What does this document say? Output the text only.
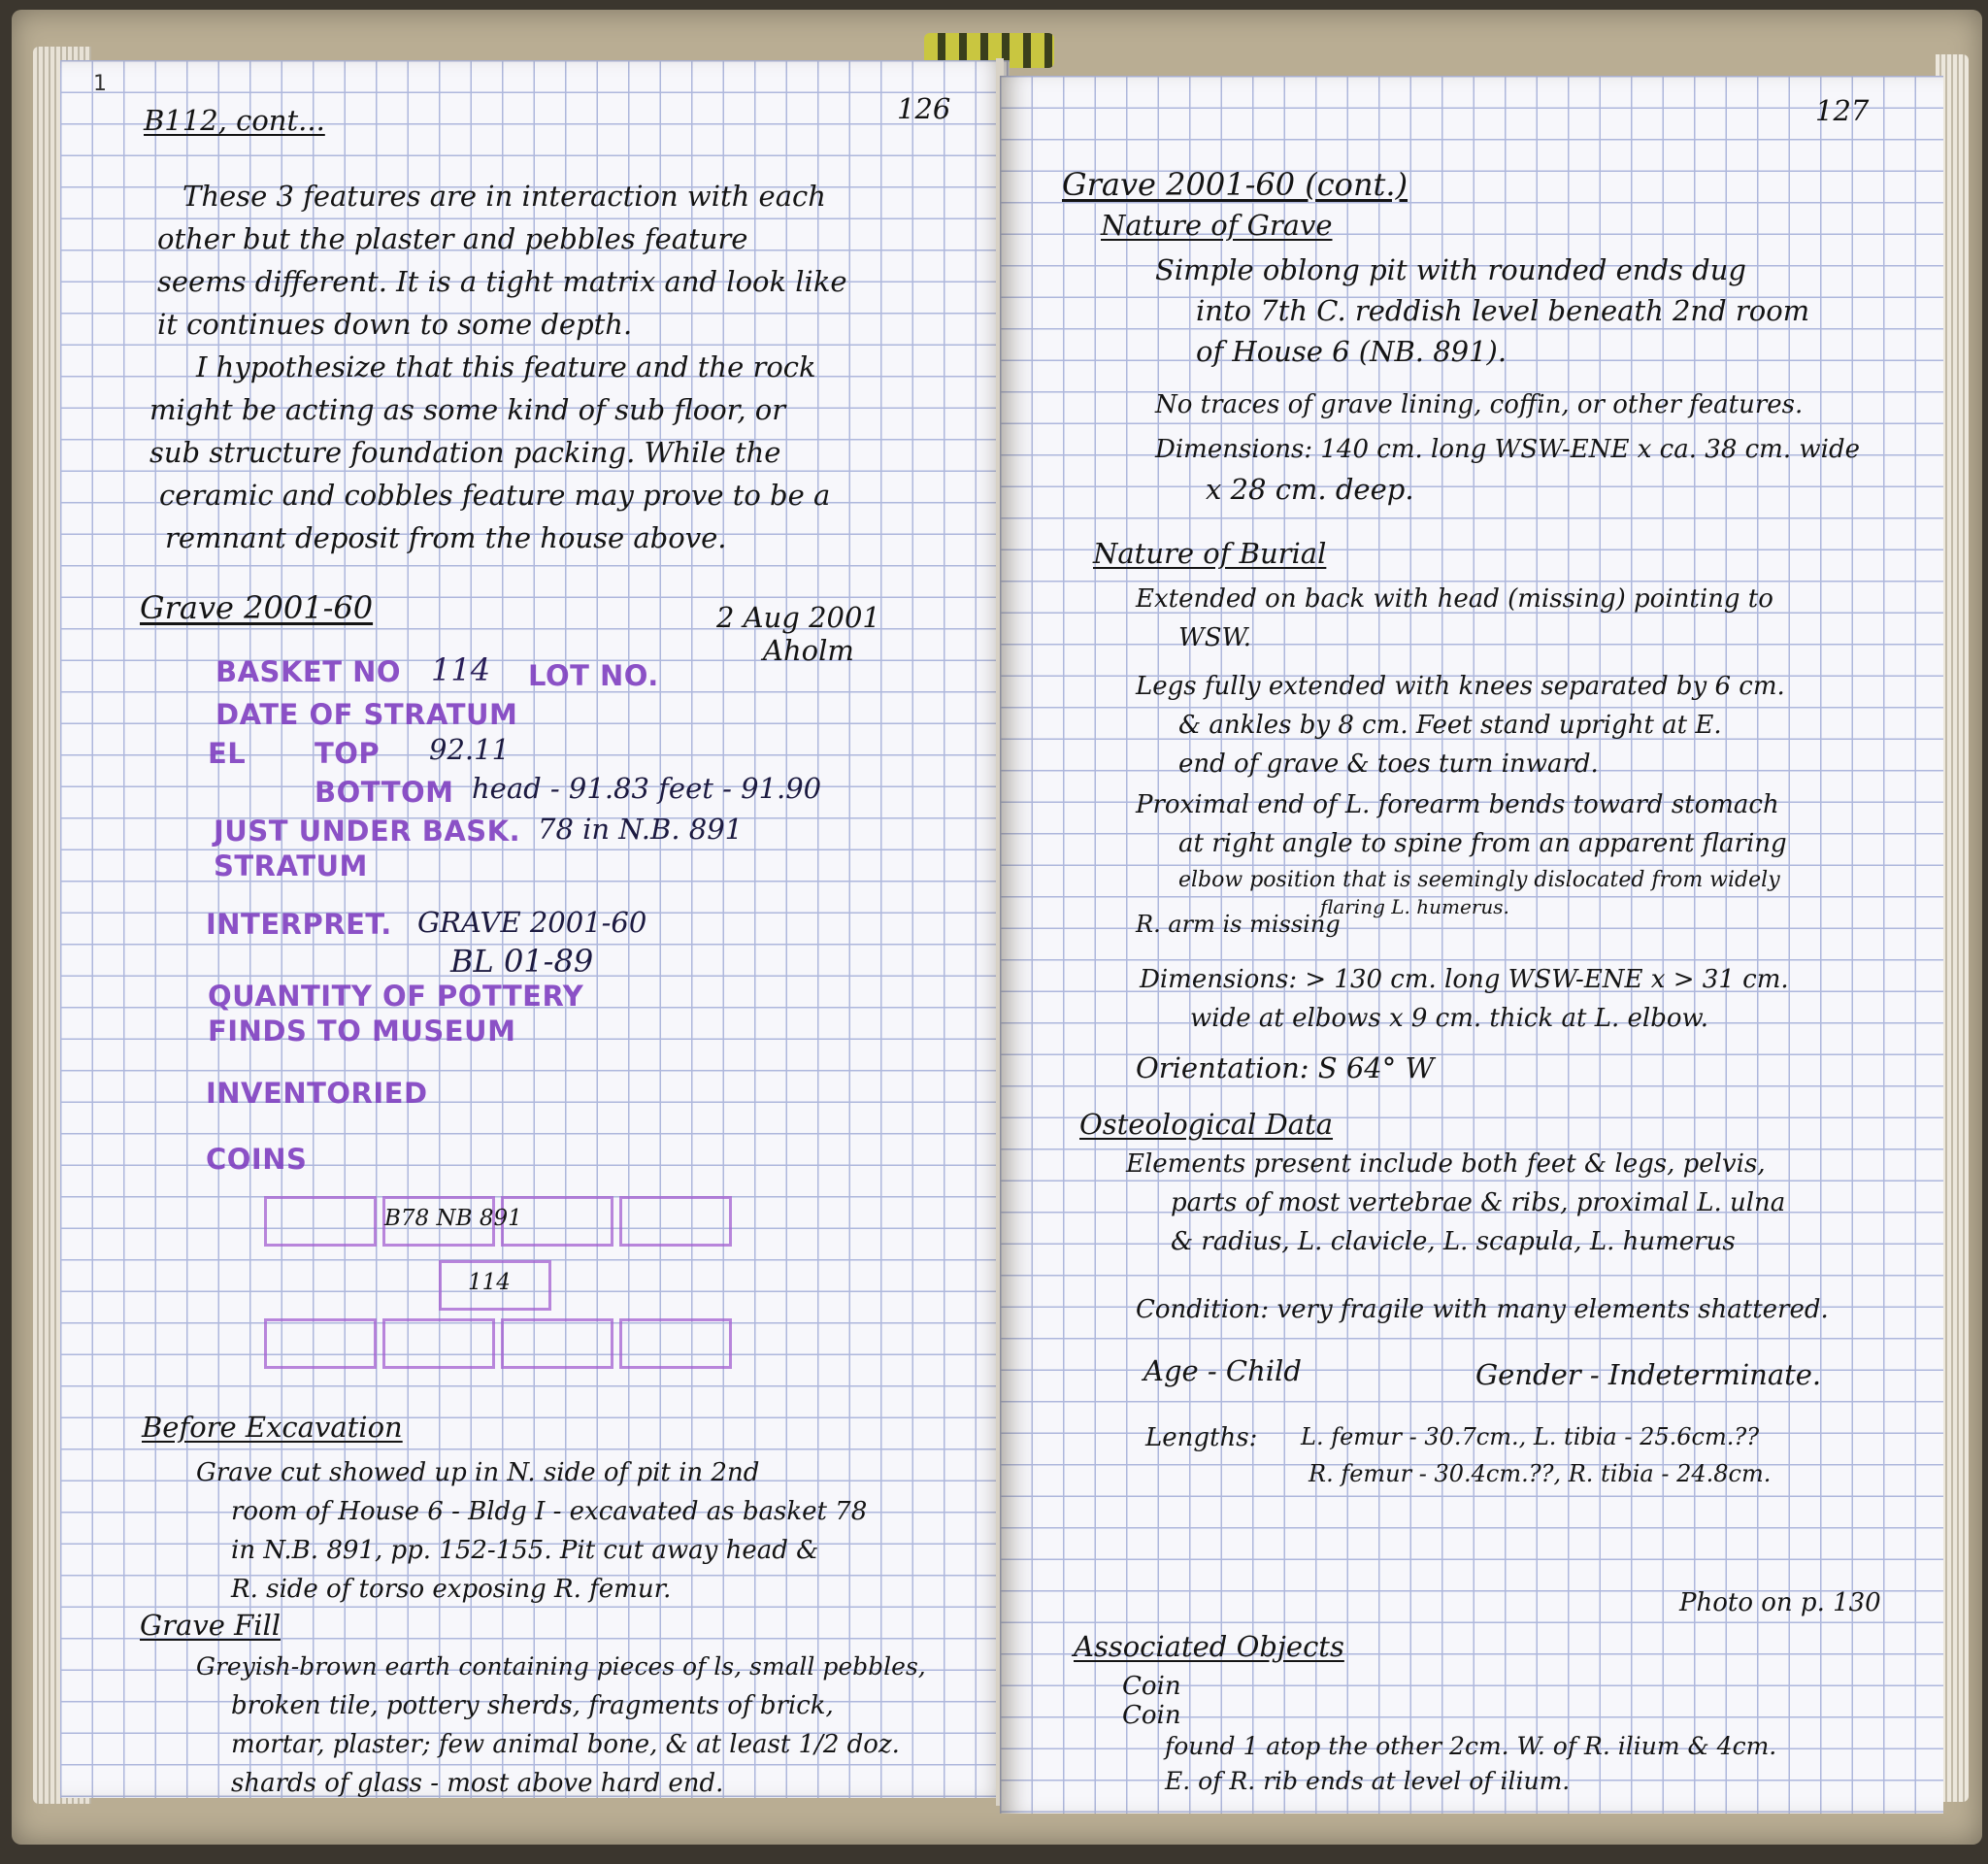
1
126
B112, cont...
These 3 features are in interaction with each
other but the plaster and pebbles feature
seems different. It is a tight matrix and look like
it continues down to some depth.
I hypothesize that this feature and the rock
might be acting as some kind of sub floor, or
sub structure foundation packing. While the
ceramic and cobbles feature may prove to be a
remnant deposit from the house above.
Grave 2001-60	2 Aug 2001
Aholm
BASKET NO 114 LOT NO.
DATE OF STRATUM
EL TOP 92.11
BOTTOM head - 91.83 feet - 91.90
JUST UNDER BASK. 78 in N.B. 891
STRATUM
INTERPRET. GRAVE 2001-60
BL 01-89
QUANTITY OF POTTERY
FINDS TO MUSEUM
INVENTORIED
COINS
B78 NB 891
114
Before Excavation
Grave cut showed up in N. side of pit in 2nd
room of House 6 - Bldg I - excavated as basket 78
in N.B. 891, pp. 152-155. Pit cut away head &
R. side of torso exposing R. femur.
Grave Fill
Greyish-brown earth containing pieces of ls, small pebbles,
broken tile, pottery sherds, fragments of brick,
mortar, plaster; few animal bone, & at least 1/2 doz.
shards of glass - most above hard end.
127
Grave 2001-60 (cont.)
Nature of Grave
Simple oblong pit with rounded ends dug
into 7th C. reddish level beneath 2nd room
of House 6 (NB. 891).
No traces of grave lining, coffin, or other features.
Dimensions: 140 cm. long WSW-ENE x ca. 38 cm. wide
x 28 cm. deep.
Nature of Burial
Extended on back with head (missing) pointing to
WSW.
Legs fully extended with knees separated by 6 cm.
& ankles by 8 cm. Feet stand upright at E.
end of grave & toes turn inward.
Proximal end of L. forearm bends toward stomach
at right angle to spine from an apparent flaring
elbow position that is seemingly dislocated from widely
flaring L. humerus.
R. arm is missing
Dimensions: > 130 cm. long WSW-ENE x > 31 cm.
wide at elbows x 9 cm. thick at L. elbow.
Orientation: S 64° W
Osteological Data
Elements present include both feet & legs, pelvis,
parts of most vertebrae & ribs, proximal L. ulna
& radius, L. clavicle, L. scapula, L. humerus
Condition: very fragile with many elements shattered.
Age - Child	Gender - Indeterminate.
Lengths: L. femur - 30.7cm., L. tibia - 25.6cm.??
R. femur - 30.4cm.??, R. tibia - 24.8cm.
Photo on p. 130
Associated Objects
Coin
Coin
found 1 atop the other 2cm. W. of R. ilium & 4cm.
E. of R. rib ends at level of ilium.
